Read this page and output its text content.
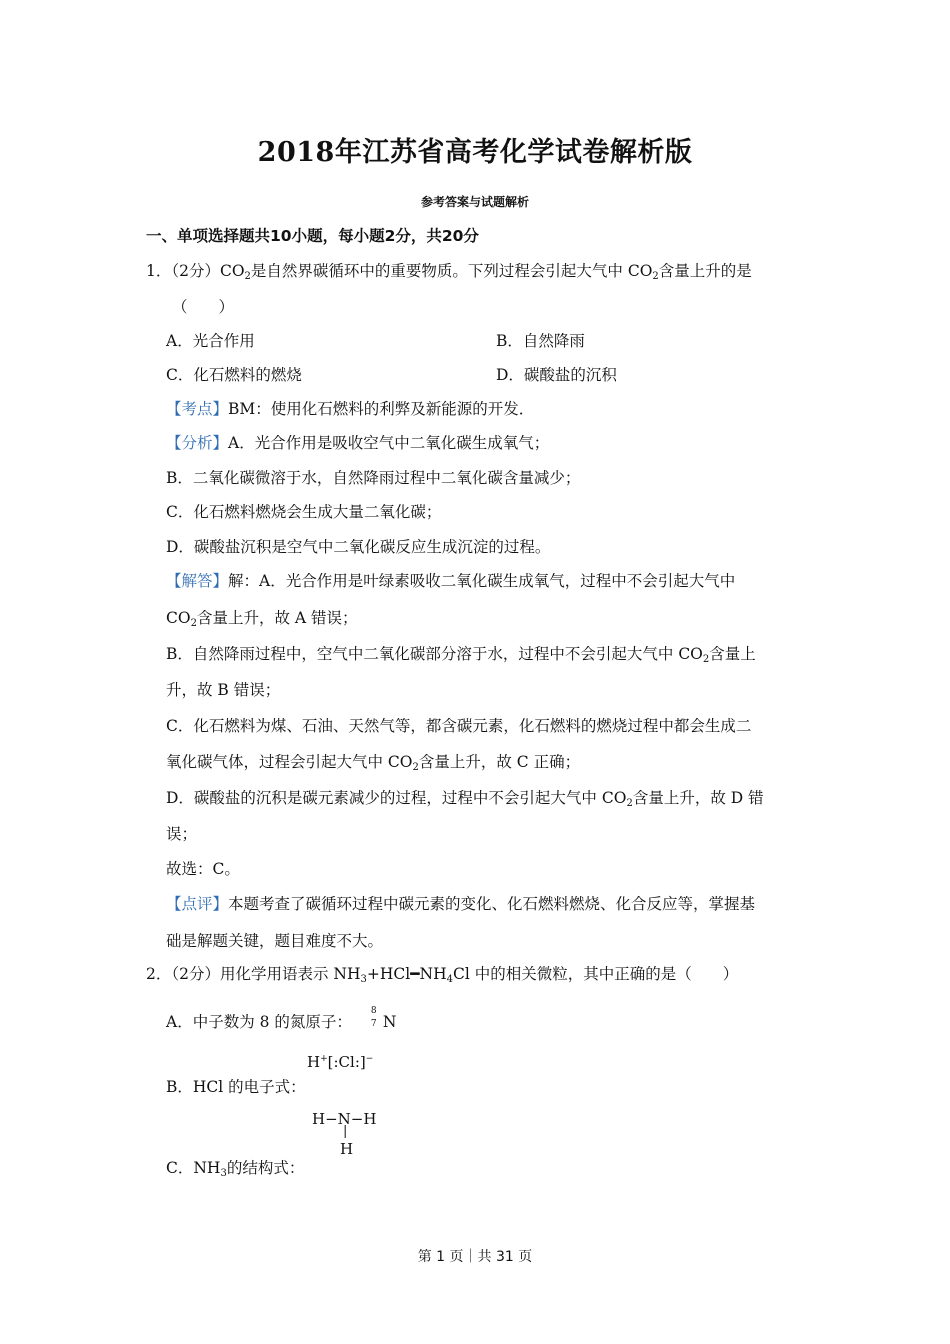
2018年江苏省高考化学试卷解析版
参考答案与试题解析
一、单项选择题共10小题，每小题2分，共20分
1．（2分）$CO_2$是自然界碳循环中的重要物质。下列过程会引起大气中 $CO_2$含量上升的是
（　　）
A．光合作用	B．自然降雨
C．化石燃料的燃烧	D．碳酸盐的沉积
【考点】BM：使用化石燃料的利弊及新能源的开发．
【分析】A．光合作用是吸收空气中二氧化碳生成氧气；
B．二氧化碳微溶于水，自然降雨过程中二氧化碳含量减少；
C．化石燃料燃烧会生成大量二氧化碳；
D．碳酸盐沉积是空气中二氧化碳反应生成沉淀的过程。
【解答】解：A．光合作用是叶绿素吸收二氧化碳生成氧气，过程中不会引起大气中
$CO_2$含量上升，故 A 错误；
B．自然降雨过程中，空气中二氧化碳部分溶于水，过程中不会引起大气中 $CO_2$含量上
升，故 B 错误；
C．化石燃料为煤、石油、天然气等，都含碳元素，化石燃料的燃烧过程中都会生成二
氧化碳气体，过程会引起大气中 $CO_2$含量上升，故 C 正确；
D．碳酸盐的沉积是碳元素减少的过程，过程中不会引起大气中 $CO_2$含量上升，故 D 错
误；
故选：C。
【点评】本题考查了碳循环过程中碳元素的变化、化石燃料燃烧、化合反应等，掌握基
础是解题关键，题目难度不大。
2．（2分）用化学用语表示 $NH_3+HCl━NH_4Cl$ 中的相关微粒，其中正确的是（　　）
A．中子数为 8 的氮原子：
8
7 N
H+[:Cl:]−
B．HCl 的电子式：
H−N−H
|
H
C．$NH_3$的结构式：
第 1 页｜共 31 页
